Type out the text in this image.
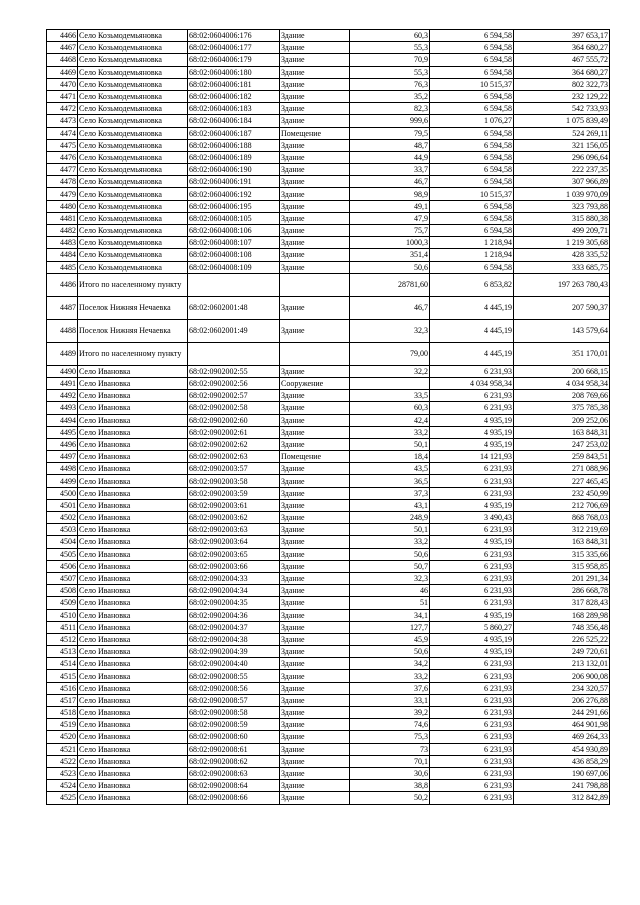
4466	Село Козьмодемьяновка	68:02:0604006:176	Здание	60,3	6 594,58	397 653,17
4467	Село Козьмодемьяновка	68:02:0604006:177	Здание	55,3	6 594,58	364 680,27
4468	Село Козьмодемьяновка	68:02:0604006:179	Здание	70,9	6 594,58	467 555,72
4469	Село Козьмодемьяновка	68:02:0604006:180	Здание	55,3	6 594,58	364 680,27
4470	Село Козьмодемьяновка	68:02:0604006:181	Здание	76,3	10 515,37	802 322,73
4471	Село Козьмодемьяновка	68:02:0604006:182	Здание	35,2	6 594,58	232 129,22
4472	Село Козьмодемьяновка	68:02:0604006:183	Здание	82,3	6 594,58	542 733,93
4473	Село Козьмодемьяновка	68:02:0604006:184	Здание	999,6	1 076,27	1 075 839,49
4474	Село Козьмодемьяновка	68:02:0604006:187	Помещение	79,5	6 594,58	524 269,11
4475	Село Козьмодемьяновка	68:02:0604006:188	Здание	48,7	6 594,58	321 156,05
4476	Село Козьмодемьяновка	68:02:0604006:189	Здание	44,9	6 594,58	296 096,64
4477	Село Козьмодемьяновка	68:02:0604006:190	Здание	33,7	6 594,58	222 237,35
4478	Село Козьмодемьяновка	68:02:0604006:191	Здание	46,7	6 594,58	307 966,89
4479	Село Козьмодемьяновка	68:02:0604006:192	Здание	98,9	10 515,37	1 039 970,09
4480	Село Козьмодемьяновка	68:02:0604006:195	Здание	49,1	6 594,58	323 793,88
4481	Село Козьмодемьяновка	68:02:0604008:105	Здание	47,9	6 594,58	315 880,38
4482	Село Козьмодемьяновка	68:02:0604008:106	Здание	75,7	6 594,58	499 209,71
4483	Село Козьмодемьяновка	68:02:0604008:107	Здание	1000,3	1 218,94	1 219 305,68
4484	Село Козьмодемьяновка	68:02:0604008:108	Здание	351,4	1 218,94	428 335,52
4485	Село Козьмодемьяновка	68:02:0604008:109	Здание	50,6	6 594,58	333 685,75
4486	Итого по населенному пункту			28781,60	6 853,82	197 263 780,43
4487	Поселок Нижняя Нечаевка	68:02:0602001:48	Здание	46,7	4 445,19	207 590,37
4488	Поселок Нижняя Нечаевка	68:02:0602001:49	Здание	32,3	4 445,19	143 579,64
4489	Итого по населенному пункту			79,00	4 445,19	351 170,01
4490	Село Ивановка	68:02:0902002:55	Здание	32,2	6 231,93	200 668,15
4491	Село Ивановка	68:02:0902002:56	Сооружение		4 034 958,34	4 034 958,34
4492	Село Ивановка	68:02:0902002:57	Здание	33,5	6 231,93	208 769,66
4493	Село Ивановка	68:02:0902002:58	Здание	60,3	6 231,93	375 785,38
4494	Село Ивановка	68:02:0902002:60	Здание	42,4	4 935,19	209 252,06
4495	Село Ивановка	68:02:0902002:61	Здание	33,2	4 935,19	163 848,31
4496	Село Ивановка	68:02:0902002:62	Здание	50,1	4 935,19	247 253,02
4497	Село Ивановка	68:02:0902002:63	Помещение	18,4	14 121,93	259 843,51
4498	Село Ивановка	68:02:0902003:57	Здание	43,5	6 231,93	271 088,96
4499	Село Ивановка	68:02:0902003:58	Здание	36,5	6 231,93	227 465,45
4500	Село Ивановка	68:02:0902003:59	Здание	37,3	6 231,93	232 450,99
4501	Село Ивановка	68:02:0902003:61	Здание	43,1	4 935,19	212 706,69
4502	Село Ивановка	68:02:0902003:62	Здание	248,9	3 490,43	868 768,03
4503	Село Ивановка	68:02:0902003:63	Здание	50,1	6 231,93	312 219,69
4504	Село Ивановка	68:02:0902003:64	Здание	33,2	4 935,19	163 848,31
4505	Село Ивановка	68:02:0902003:65	Здание	50,6	6 231,93	315 335,66
4506	Село Ивановка	68:02:0902003:66	Здание	50,7	6 231,93	315 958,85
4507	Село Ивановка	68:02:0902004:33	Здание	32,3	6 231,93	201 291,34
4508	Село Ивановка	68:02:0902004:34	Здание	46	6 231,93	286 668,78
4509	Село Ивановка	68:02:0902004:35	Здание	51	6 231,93	317 828,43
4510	Село Ивановка	68:02:0902004:36	Здание	34,1	4 935,19	168 289,98
4511	Село Ивановка	68:02:0902004:37	Здание	127,7	5 860,27	748 356,48
4512	Село Ивановка	68:02:0902004:38	Здание	45,9	4 935,19	226 525,22
4513	Село Ивановка	68:02:0902004:39	Здание	50,6	4 935,19	249 720,61
4514	Село Ивановка	68:02:0902004:40	Здание	34,2	6 231,93	213 132,01
4515	Село Ивановка	68:02:0902008:55	Здание	33,2	6 231,93	206 900,08
4516	Село Ивановка	68:02:0902008:56	Здание	37,6	6 231,93	234 320,57
4517	Село Ивановка	68:02:0902008:57	Здание	33,1	6 231,93	206 276,88
4518	Село Ивановка	68:02:0902008:58	Здание	39,2	6 231,93	244 291,66
4519	Село Ивановка	68:02:0902008:59	Здание	74,6	6 231,93	464 901,98
4520	Село Ивановка	68:02:0902008:60	Здание	75,3	6 231,93	469 264,33
4521	Село Ивановка	68:02:0902008:61	Здание	73	6 231,93	454 930,89
4522	Село Ивановка	68:02:0902008:62	Здание	70,1	6 231,93	436 858,29
4523	Село Ивановка	68:02:0902008:63	Здание	30,6	6 231,93	190 697,06
4524	Село Ивановка	68:02:0902008:64	Здание	38,8	6 231,93	241 798,88
4525	Село Ивановка	68:02:0902008:66	Здание	50,2	6 231,93	312 842,89
